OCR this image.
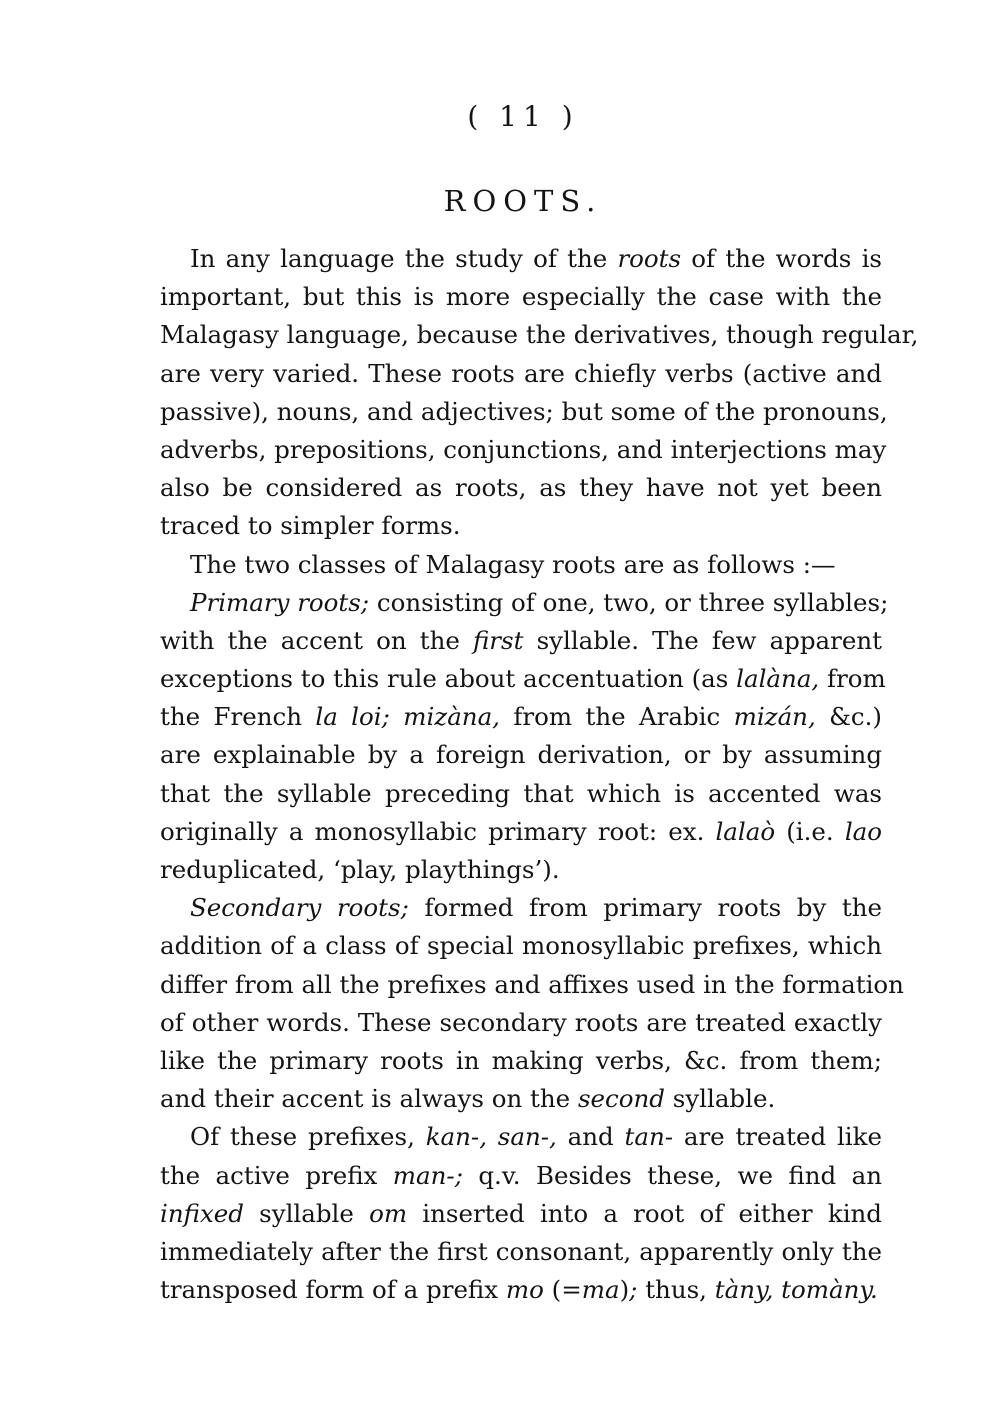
( 11 )
ROOTS.
In any language the study of the roots of the words is
important, but this is more especially the case with the
Malagasy language, because the derivatives, though regular,
are very varied. These roots are chiefly verbs (active and
passive), nouns, and adjectives; but some of the pronouns,
adverbs, prepositions, conjunctions, and interjections may
also be considered as roots, as they have not yet been
traced to simpler forms.
The two classes of Malagasy roots are as follows :—
Primary roots; consisting of one, two, or three syllables;
with the accent on the first syllable. The few apparent
exceptions to this rule about accentuation (as lalàna, from
the French la loi; mizàna, from the Arabic mizán, &c.)
are explainable by a foreign derivation, or by assuming
that the syllable preceding that which is accented was
originally a monosyllabic primary root: ex. lalaò (i.e. lao
reduplicated, ‘play, playthings’).
Secondary roots; formed from primary roots by the
addition of a class of special monosyllabic prefixes, which
differ from all the prefixes and affixes used in the formation
of other words. These secondary roots are treated exactly
like the primary roots in making verbs, &c. from them;
and their accent is always on the second syllable.
Of these prefixes, kan-, san-, and tan- are treated like
the active prefix man-; q.v. Besides these, we find an
infixed syllable om inserted into a root of either kind
immediately after the first consonant, apparently only the
transposed form of a prefix mo (=ma); thus, tàny, tomàny.
